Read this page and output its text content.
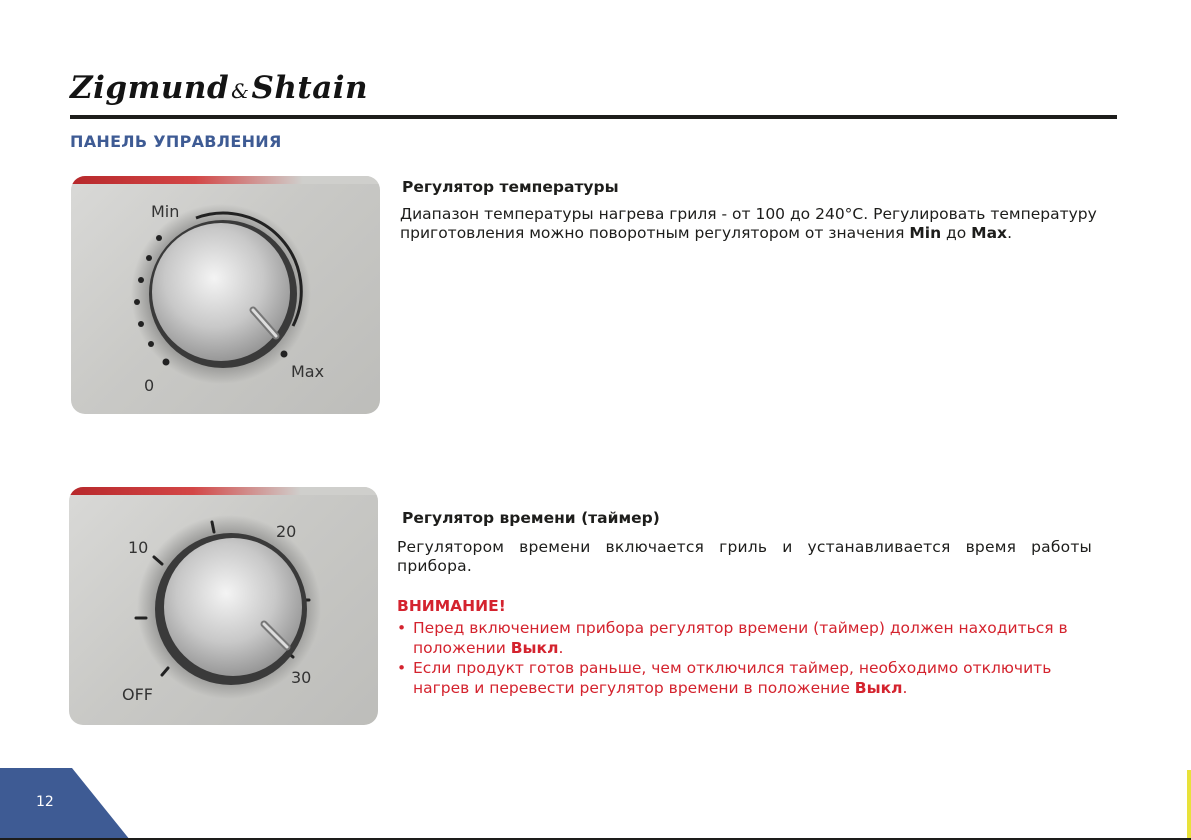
Zigmund &Shtain
ПАНЕЛЬ УПРАВЛЕНИЯ
Min
Max
0
Регулятор температуры
Диапазон температуры нагрева гриля - от 100 до 240°С. Регулировать температуру приготовления можно поворотным регулятором от значения Min до Max.
10
20
30
OFF
Регулятор времени (таймер)
Регулятором времени включается гриль и устанавливается время работы прибора.
ВНИМАНИЕ!
• Перед включением прибора регулятор времени (таймер) должен находиться в положении Выкл.
• Если продукт готов раньше, чем отключился таймер, необходимо отключить нагрев и перевести регулятор времени в положение Выкл.
12
